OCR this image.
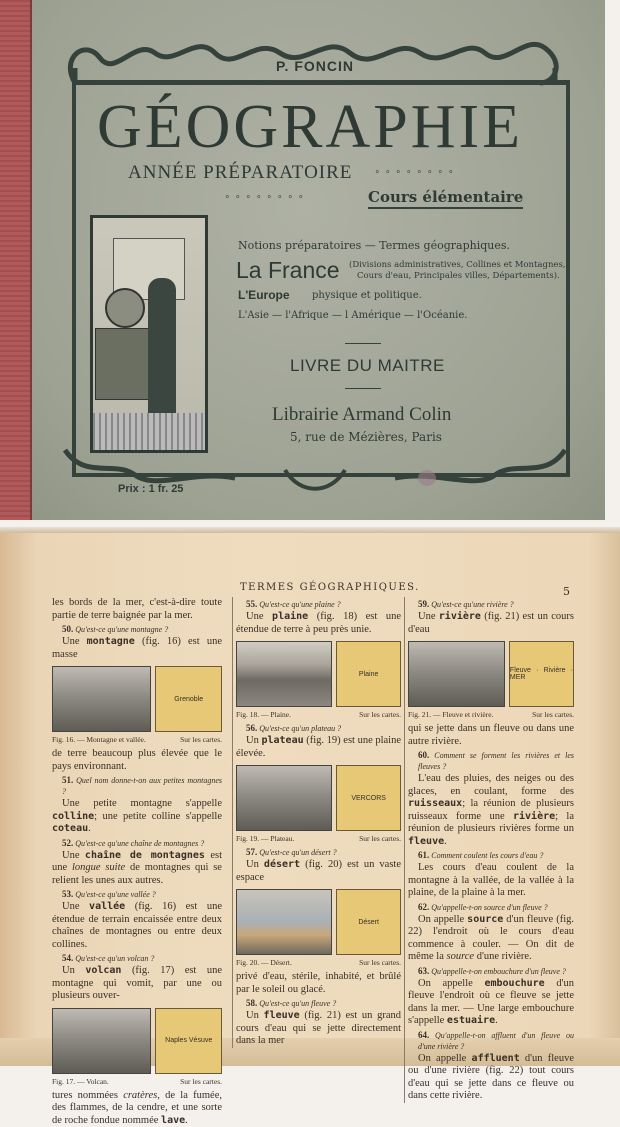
P. FONCIN
GÉOGRAPHIE
ANNÉE PRÉPARATOIRE	°°°°°°°°
°°°°°°°°	Cours élémentaire
Notions préparatoires — Termes géographiques.
La France (Divisions administratives, Collines et Montagnes,
Cours d'eau, Principales villes, Départements).
L'Europe physique et politique.
L'Asie — l'Afrique — l Amérique — l'Océanie.
LIVRE DU MAITRE
Librairie Armand Colin
5, rue de Mézières, Paris
Prix : 1 fr. 25
TERMES GÉOGRAPHIQUES.	5

les bords de la mer, c'est-à-dire toute partie de terre baignée par la mer.

50. Qu'est-ce qu'une montagne ?

Une montagne (fig. 16) est une masse

Grenoble
Fig. 16. — Montagne et vallée.	Sur les cartes.

de terre beaucoup plus élevée que le pays environnant.

51. Quel nom donne-t-on aux petites montagnes ?

Une petite montagne s'appelle colline; une petite colline s'appelle coteau.

52. Qu'est-ce qu'une chaîne de montagnes ?

Une chaîne de montagnes est une longue suite de montagnes qui se relient les unes aux autres.

53. Qu'est-ce qu'une vallée ?

Une vallée (fig. 16) est une étendue de terrain encaissée entre deux chaînes de montagnes ou entre deux collines.

54. Qu'est-ce qu'un volcan ?

Un volcan (fig. 17) est une montagne qui vomit, par une ou plusieurs ouver-

Naples Vésuve
Fig. 17. — Volcan.	Sur les cartes.

tures nommées cratères, de la fumée, des flammes, de la cendre, et une sorte de roche fondue nommée lave.

55. Qu'est-ce qu'une plaine ?

Une plaine (fig. 18) est une étendue de terre à peu près unie.

Plaine
Fig. 18. — Plaine.	Sur les cartes.
56. Qu'est-ce qu'un plateau ?

Un plateau (fig. 19) est une plaine élevée.

VERCORS
Fig. 19. — Plateau.	Sur les cartes.
57. Qu'est-ce qu'un désert ?

Un désert (fig. 20) est un vaste espace

Désert
Fig. 20. — Désert.	Sur les cartes.

privé d'eau, stérile, inhabité, et brûlé par le soleil ou glacé.

58. Qu'est-ce qu'un fleuve ?

Un fleuve (fig. 21) est un grand cours d'eau qui se jette directement dans la mer

59. Qu'est-ce qu'une rivière ?

Une rivière (fig. 21) est un cours d'eau

Fleuve · Rivière · MER
Fig. 21. — Fleuve et rivière.	Sur les cartes.

qui se jette dans un fleuve ou dans une autre rivière.

60. Comment se forment les rivières et les fleuves ?

L'eau des pluies, des neiges ou des glaces, en coulant, forme des ruisseaux; la réunion de plusieurs ruisseaux forme une rivière; la réunion de plusieurs rivières forme un fleuve.

61. Comment coulent les cours d'eau ?

Les cours d'eau coulent de la montagne à la vallée, de la vallée à la plaine, de la plaine à la mer.

62. Qu'appelle-t-on source d'un fleuve ?

On appelle source d'un fleuve (fig. 22) l'endroit où le cours d'eau commence à couler. — On dit de même la source d'une rivière.

63. Qu'appelle-t-on embouchure d'un fleuve ?

On appelle embouchure d'un fleuve l'endroit où ce fleuve se jette dans la mer. — Une large embouchure s'appelle estuaire.

64. Qu'appelle-t-on affluent d'un fleuve ou d'une rivière ?

On appelle affluent d'un fleuve ou d'une rivière (fig. 22) tout cours d'eau qui se jette dans ce fleuve ou dans cette rivière.
